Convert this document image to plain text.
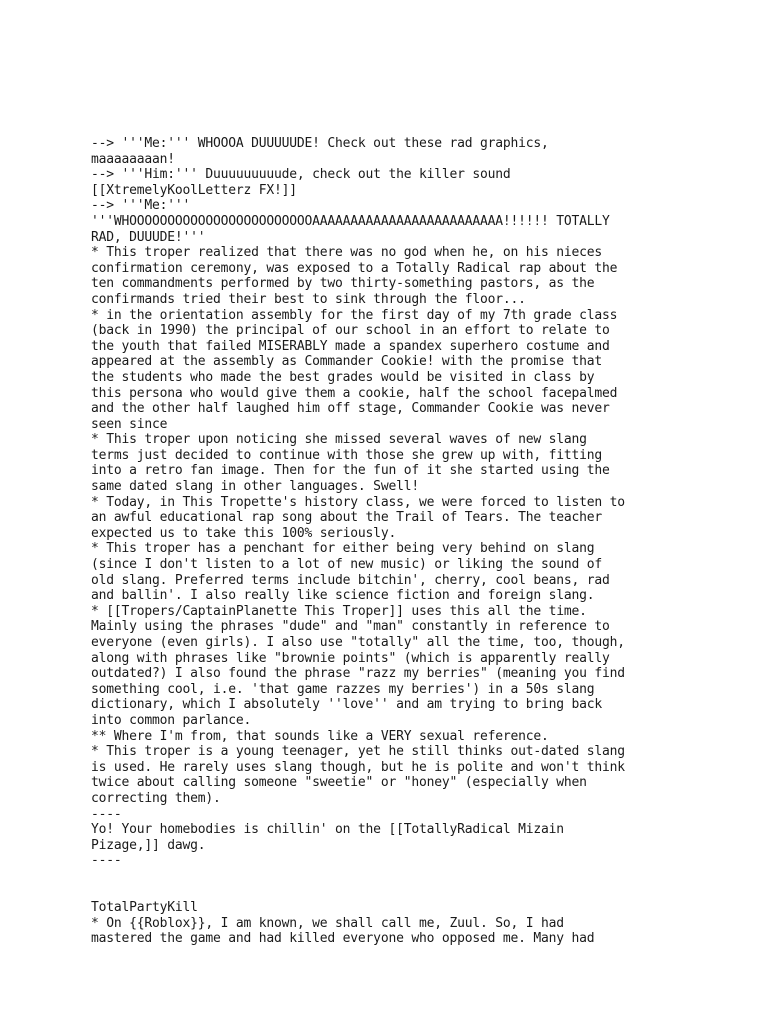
--> '''Me:''' WHOOOA DUUUUUDE! Check out these rad graphics,
maaaaaaaan!
--> '''Him:''' Duuuuuuuuude, check out the killer sound
[[XtremelyKoolLetterz FX!]]
--> '''Me:'''
'''WHOOOOOOOOOOOOOOOOOOOOOOOOAAAAAAAAAAAAAAAAAAAAAAAAA!!!!!! TOTALLY
RAD, DUUUDE!'''
* This troper realized that there was no god when he, on his nieces
confirmation ceremony, was exposed to a Totally Radical rap about the
ten commandments performed by two thirty-something pastors, as the
confirmands tried their best to sink through the floor...
* in the orientation assembly for the first day of my 7th grade class
(back in 1990) the principal of our school in an effort to relate to
the youth that failed MISERABLY made a spandex superhero costume and
appeared at the assembly as Commander Cookie! with the promise that
the students who made the best grades would be visited in class by
this persona who would give them a cookie, half the school facepalmed
and the other half laughed him off stage, Commander Cookie was never
seen since
* This troper upon noticing she missed several waves of new slang
terms just decided to continue with those she grew up with, fitting
into a retro fan image. Then for the fun of it she started using the
same dated slang in other languages. Swell!
* Today, in This Tropette's history class, we were forced to listen to
an awful educational rap song about the Trail of Tears. The teacher
expected us to take this 100% seriously.
* This troper has a penchant for either being very behind on slang
(since I don't listen to a lot of new music) or liking the sound of
old slang. Preferred terms include bitchin', cherry, cool beans, rad
and ballin'. I also really like science fiction and foreign slang.
* [[Tropers/CaptainPlanette This Troper]] uses this all the time.
Mainly using the phrases "dude" and "man" constantly in reference to
everyone (even girls). I also use "totally" all the time, too, though,
along with phrases like "brownie points" (which is apparently really
outdated?) I also found the phrase "razz my berries" (meaning you find
something cool, i.e. 'that game razzes my berries') in a 50s slang
dictionary, which I absolutely ''love'' and am trying to bring back
into common parlance.
** Where I'm from, that sounds like a VERY sexual reference.
* This troper is a young teenager, yet he still thinks out-dated slang
is used. He rarely uses slang though, but he is polite and won't think
twice about calling someone "sweetie" or "honey" (especially when
correcting them).
----
Yo! Your homebodies is chillin' on the [[TotallyRadical Mizain
Pizage,]] dawg.
----

TotalPartyKill
* On {{Roblox}}, I am known, we shall call me, Zuul. So, I had
mastered the game and had killed everyone who opposed me. Many had
